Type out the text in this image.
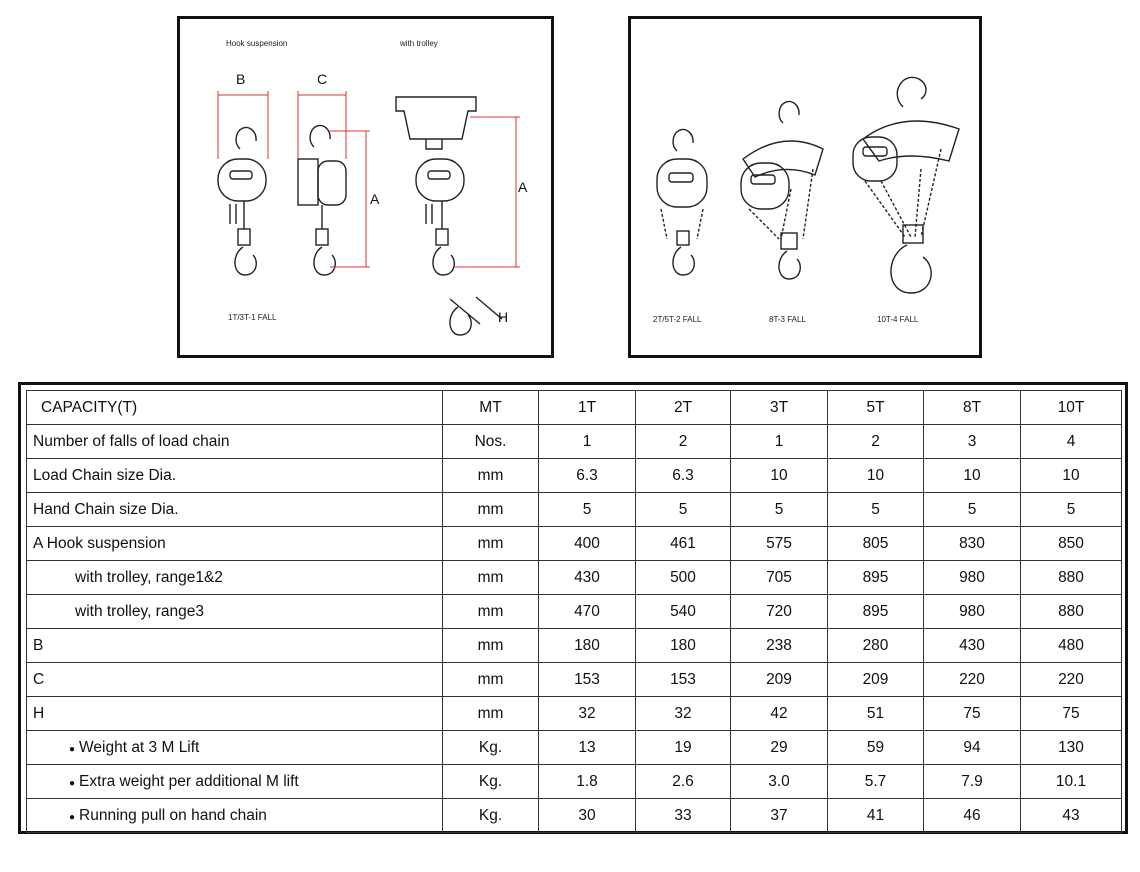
Hook suspension	with trolley
B	C
A
A
H
1T/3T-1 FALL	2T/5T-2 FALL	8T-3 FALL	10T-4 FALL
CAPACITY(T)	MT	1T	2T	3T	5T	8T	10T
Number of falls of load chain	Nos.	1	2	1	2	3	4
Load Chain size Dia.	mm	6.3	6.3	10	10	10	10
Hand Chain size Dia.	mm	5	5	5	5	5	5
A Hook suspension	mm	400	461	575	805	830	850
with trolley, range1&2	mm	430	500	705	895	980	880
with trolley, range3	mm	470	540	720	895	980	880
B	mm	180	180	238	280	430	480
C	mm	153	153	209	209	220	220
H	mm	32	32	42	51	75	75
● Weight at 3 M Lift	Kg.	13	19	29	59	94	130
● Extra weight per additional M lift	Kg.	1.8	2.6	3.0	5.7	7.9	10.1
● Running pull on hand chain	Kg.	30	33	37	41	46	43
